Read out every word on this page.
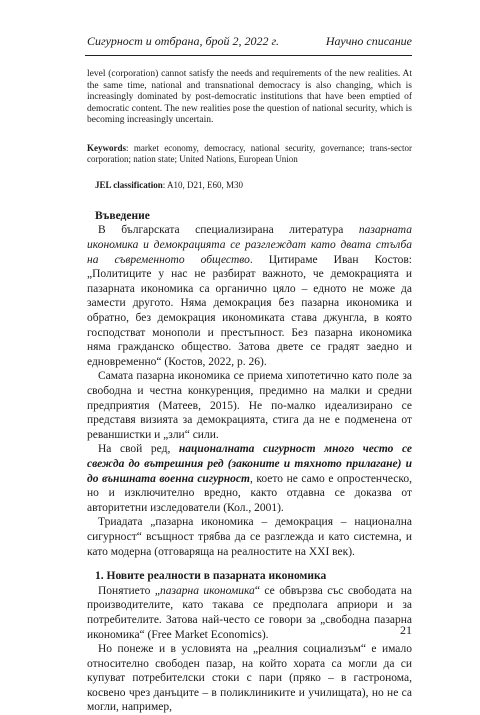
Сигурност и отбрана, брой 2, 2022 г.	Научно списание

level (corporation) cannot satisfy the needs and requirements of the new realities. At the same time, national and transnational democracy is also changing, which is increasingly dominated by post-democratic institutions that have been emptied of democratic content. The new realities pose the question of national security, which is becoming increasingly uncertain.

Keywords: market economy, democracy, national security, governance; trans-sector corporation; nation state; United Nations, European Union

JEL classification: A10, D21, E60, M30

Въведение

В българската специализирана литература пазарната икономика и демокрацията се разглеждат като двата стълба на съвременното общество. Цитираме Иван Костов: „Политиците у нас не разбират важното, че демокрацията и пазарната икономика са органично цяло – едното не може да замести другото. Няма демокрация без пазарна икономика и обратно, без демокрация икономиката става джунгла, в която господстват монополи и престъпност. Без пазарна икономика няма гражданско общество. Затова двете се градят заедно и едновременно“ (Костов, 2022, р. 26).

Самата пазарна икономика се приема хипотетично като поле за свободна и честна конкуренция, предимно на малки и средни предприятия (Матеев, 2015). Не по-малко идеализирано се представя визията за демокрацията, стига да не е подменена от реваншистки и „зли“ сили.

На свой ред, националната сигурност много често се свежда до вътрешния ред (законите и тяхното прилагане) и до външната военна сигурност, което не само е опростенческо, но и изключително вредно, както отдавна се доказва от авторитетни изследователи (Кол., 2001).

Триадата „пазарна икономика – демокрация – национална сигурност“ всъщност трябва да се разглежда и като системна, и като модерна (отговаряща на реалностите на XXI век).

1. Новите реалности в пазарната икономика

Понятието „пазарна икономика“ се обвързва със свободата на производителите, като такава се предполага априори и за потребителите. Затова най-често се говори за „свободна пазарна икономика“ (Free Market Economics).

Но понеже и в условията на „реалния социализъм“ е имало относително свободен пазар, на който хората са могли да си купуват потребителски стоки с пари (пряко – в гастронома, косвено чрез данъците – в поликлиниките и училищата), но не са могли, например,

21
